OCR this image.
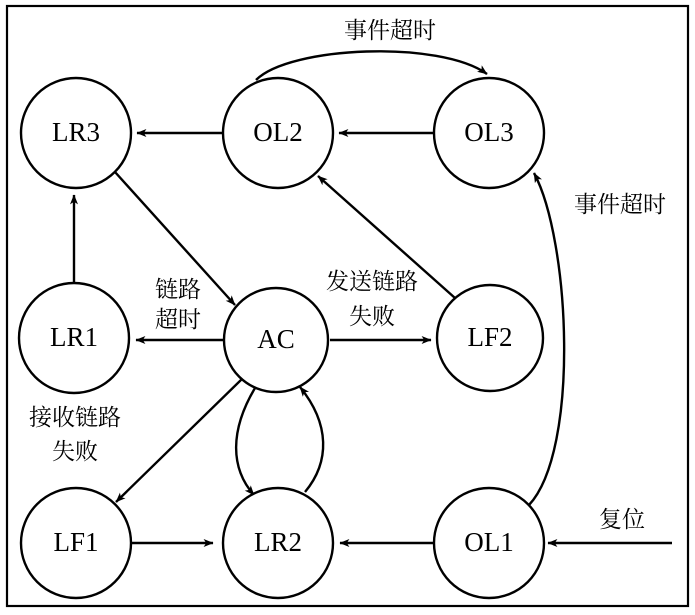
LR3	OL2	OL3
LR1	AC	LF2
LF1	LR2	OL1
事件超时
事件超时
链路
超时
发送链路
失败
接收链路
失败
复位
